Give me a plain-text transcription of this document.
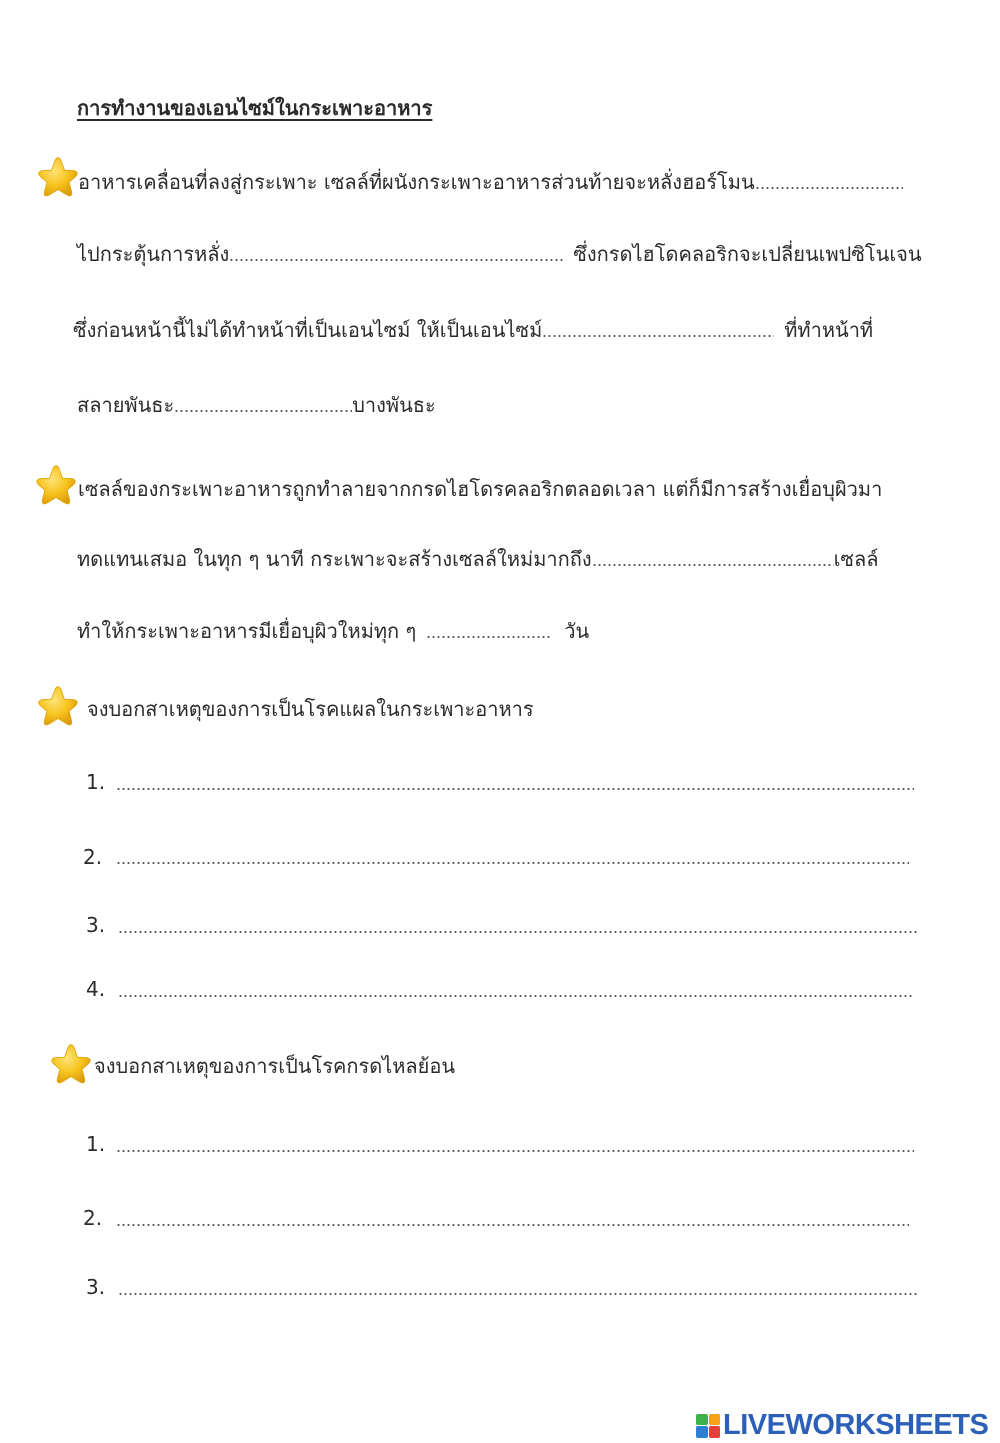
การทำงานของเอนไซม์ในกระเพาะอาหาร
อาหารเคลื่อนที่ลงสู่กระเพาะ เซลล์ที่ผนังกระเพาะอาหารส่วนท้ายจะหลั่งฮอร์โมน
ไปกระตุ้นการหลั่ง	ซึ่งกรดไฮโดคลอริกจะเปลี่ยนเพปซิโนเจน
ซึ่งก่อนหน้านี้ไม่ได้ทำหน้าที่เป็นเอนไซม์ ให้เป็นเอนไซม์	ที่ทำหน้าที่
สลายพันธะ	บางพันธะ
เซลล์ของกระเพาะอาหารถูกทำลายจากกรดไฮโดรคลอริกตลอดเวลา แต่ก็มีการสร้างเยื่อบุผิวมา
ทดแทนเสมอ ในทุก ๆ นาที กระเพาะจะสร้างเซลล์ใหม่มากถึง	เซลล์
ทำให้กระเพาะอาหารมีเยื่อบุผิวใหม่ทุก ๆ	วัน
จงบอกสาเหตุของการเป็นโรคแผลในกระเพาะอาหาร
1.
2.
3.
4.
จงบอกสาเหตุของการเป็นโรคกรดไหลย้อน
1.
2.
3.
LIVEWORKSHEETS
